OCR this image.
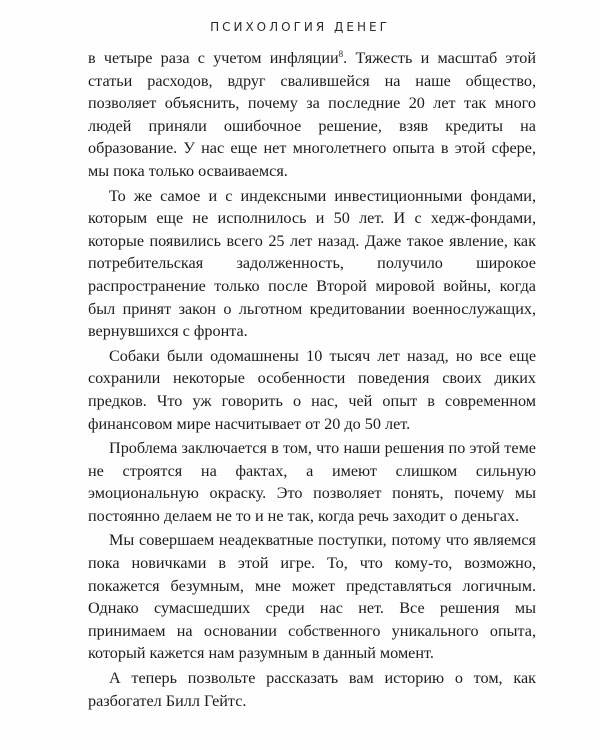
ПСИХОЛОГИЯ ДЕНЕГ

в четыре раза с учетом инфляции$^8$. Тяжесть и масштаб этой статьи расходов, вдруг свалившейся на наше общество, позволяет объяснить, почему за последние 20 лет так много людей приняли ошибочное решение, взяв кредиты на образование. У нас еще нет многолетнего опыта в этой сфере, мы пока только осваиваемся.

То же самое и с индексными инвестиционными фондами, которым еще не исполнилось и 50 лет. И с хедж-фондами, которые появились всего 25 лет назад. Даже такое явление, как потребительская задолженность, получило широкое распространение только после Второй мировой войны, когда был принят закон о льготном кредитовании военнослужащих, вернувшихся с фронта.

Собаки были одомашнены 10 тысяч лет назад, но все еще сохранили некоторые особенности поведения своих диких предков. Что уж говорить о нас, чей опыт в современном финансовом мире насчитывает от 20 до 50 лет.

Проблема заключается в том, что наши решения по этой теме не строятся на фактах, а имеют слишком сильную эмоциональную окраску. Это позволяет понять, почему мы постоянно делаем не то и не так, когда речь заходит о деньгах.

Мы совершаем неадекватные поступки, потому что являемся пока новичками в этой игре. То, что кому-то, возможно, покажется безумным, мне может представляться логичным. Однако сумасшедших среди нас нет. Все решения мы принимаем на основании собственного уникального опыта, который кажется нам разумным в данный момент.

А теперь позвольте рассказать вам историю о том, как разбогател Билл Гейтс.
